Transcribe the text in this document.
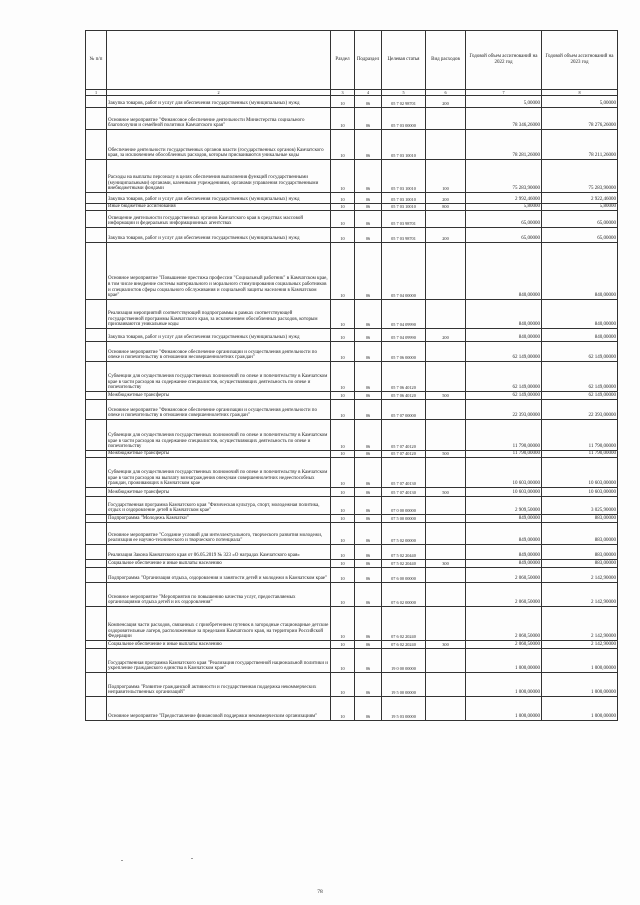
№ п/п		Раздел	Подраздел	Целевая статья	Вид расходов	Годовой объем ассигнований на 2022 год	Годовой объем ассигнований на 2023 год
1	2	3	4	5	6	7	8
	Закупка товаров, работ и услуг для обеспечения государственных (муниципальных) нужд	10	06	05 7 02 98701	200	5,00000	5,00000
	Основное мероприятие "Финансовое обеспечение деятельности Министерства социального благополучия и семейной политики Камчатского края"	10	06	05 7 03 00000		78 346,26000	78 276,26000
	Обеспечение деятельности государственных органов власти (государственных органов) Камчатского края, за исключением обособленных расходов, которым присваиваются уникальные коды	10	06	05 7 03 10010		78 281,26000	78 211,26000
	Расходы на выплаты персоналу в целях обеспечения выполнения функций государственными (муниципальными) органами, казенными учреждениями, органами управления государственными внебюджетными фондами	10	06	05 7 03 10010	100	75 283,90000	75 283,90000
	Закупка товаров, работ и услуг для обеспечения государственных (муниципальных) нужд	10	06	05 7 03 10010	200	2 992,46000	2 922,46000
	Иные бюджетные ассигнования	10	06	05 7 03 10010	800	5,80000	5,80000
	Освещение деятельности государственных органов Камчатского края в средствах массовой информации и федеральных информационных агентствах	10	06	05 7 03 98701		65,00000	65,00000
	Закупка товаров, работ и услуг для обеспечения государственных (муниципальных) нужд	10	06	05 7 03 98701	200	65,00000	65,00000
	Основное мероприятие "Повышение престижа профессии "Социальный работник" в Камчатском крае, в том числе внедрение системы материального и морального стимулирования социальных работников и специалистов сферы социального обслуживания и социальной защиты населения в Камчатском крае"	10	06	05 7 04 00000		840,00000	840,00000
	Реализация мероприятий соответствующей подпрограммы в рамках соответствующей государственной программы Камчатского края, за исключением обособленных расходов, которым присваиваются уникальные коды	10	06	05 7 04 09990		840,00000	840,00000
	Закупка товаров, работ и услуг для обеспечения государственных (муниципальных) нужд	10	06	05 7 04 09990	200	840,00000	840,00000
	Основное мероприятие "Финансовое обеспечение организации и осуществления деятельности по опеке и попечительству в отношении несовершеннолетних граждан"	10	06	05 7 06 00000		62 149,00000	62 149,00000
	Субвенции для осуществления государственных полномочий по опеке и попечительству в Камчатском крае в части расходов на содержание специалистов, осуществляющих деятельность по опеке и попечительству	10	06	05 7 06 40120		62 149,00000	62 149,00000
	Межбюджетные трансферты	10	06	05 7 06 40120	500	62 149,00000	62 149,00000
	Основное мероприятие "Финансовое обеспечение организации и осуществления деятельности по опеке и попечительству в отношении совершеннолетних граждан"	10	06	05 7 07 00000		22 393,00000	22 393,00000
	Субвенции для осуществления государственных полномочий по опеке и попечительству в Камчатском крае в части расходов на содержание специалистов, осуществляющих деятельность по опеке и попечительству	10	06	05 7 07 40120		11 790,00000	11 790,00000
	Межбюджетные трансферты	10	06	05 7 07 40120	500	11 790,00000	11 790,00000
	Субвенции для осуществления государственных полномочий по опеке и попечительству в Камчатском крае в части расходов на выплату вознаграждения опекунам совершеннолетних недееспособных граждан, проживающих в Камчатском крае	10	06	05 7 07 40130		10 603,00000	10 603,00000
	Межбюджетные трансферты	10	06	05 7 07 40130	500	10 603,00000	10 603,00000
	Государственная программа Камчатского края "Физическая культура, спорт, молодежная политика, отдых и оздоровление детей в Камчатском крае"	10	06	07 0 00 00000		2 909,50000	3 025,90000
	Подпрограмма "Молодежь Камчатки"	10	06	07 5 00 00000		849,00000	883,00000
	Основное мероприятие "Создание условий для интеллектуального, творческого развития молодежи, реализация ее научно-технического и творческого потенциала"	10	06	07 5 02 00000		849,00000	883,00000
	Реализация Закона Камчатского края от 06.05.2019 № 323 «О наградах Камчатского края»	10	06	07 5 02 20440		849,00000	883,00000
	Социальное обеспечение и иные выплаты населению	10	06	07 5 02 20440	300	849,00000	883,00000
	Подпрограмма "Организация отдыха, оздоровления и занятости детей и молодежи в Камчатском крае"	10	06	07 6 00 00000		2 060,50000	2 142,90000
	Основное мероприятие "Мероприятия по повышению качества услуг, предоставляемых организациями отдыха детей и их оздоровления"	10	06	07 6 02 00000		2 060,50000	2 142,90000
	Компенсация части расходов, связанных с приобретением путевок в загородные стационарные детские оздоровительные лагеря, расположенные за пределами Камчатского края, на территории Российской Федерации	10	06	07 6 02 20240		2 060,50000	2 142,90000
	Социальное обеспечение и иные выплаты населению	10	06	07 6 02 20240	300	2 060,50000	2 142,90000
	Государственная программа Камчатского края "Реализация государственной национальной политики и укрепление гражданского единства в Камчатском крае"	10	06	19 0 00 00000		1 000,00000	1 000,00000
	Подпрограмма "Развитие гражданской активности и государственная поддержка некоммерческих неправительственных организаций"	10	06	19 5 00 00000		1 000,00000	1 000,00000
	Основное мероприятие "Предоставление финансовой поддержки некоммерческим организациям"	10	06	19 5 03 00000		1 000,00000	1 000,00000
78
